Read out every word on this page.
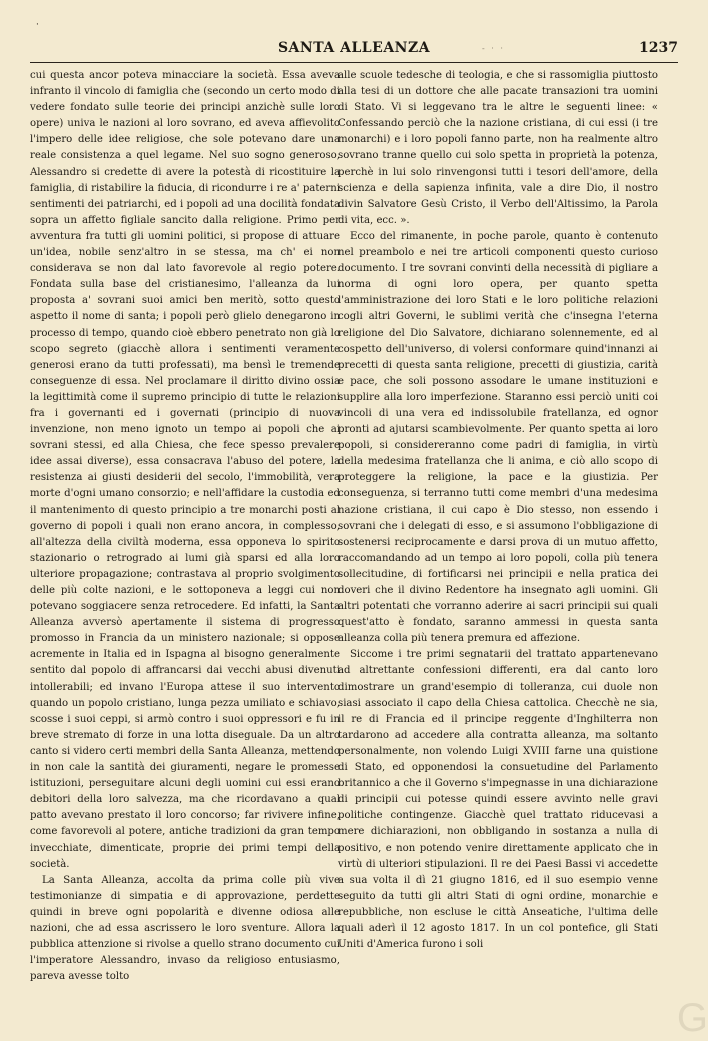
·
SANTA ALLEANZA	- · ·	1237

cui questa ancor poteva minacciare la società. Essa aveva infranto il vincolo di famiglia che (secondo un certo modo di vedere fondato sulle teorie dei principi anzichè sulle loro opere) univa le nazioni al loro sovrano, ed aveva affievolito l'impero delle idee religiose, che sole potevano dare una reale consistenza a quel legame. Nel suo sogno generoso, Alessandro si credette di avere la potestà di ricostituire la famiglia, di ristabilire la fiducia, di ricondurre i re a' paterni sentimenti dei patriarchi, ed i popoli ad una docilità fondata sopra un affetto figliale sancito dalla religione. Primo per avventura fra tutti gli uomini politici, si propose di attuare un'idea, nobile senz'altro in se stessa, ma ch' ei non considerava se non dal lato favorevole al regio potere. Fondata sulla base del cristianesimo, l'alleanza da lui proposta a' sovrani suoi amici ben meritò, sotto questo aspetto il nome di santa; i popoli però glielo denegarono in processo di tempo, quando cioè ebbero penetrato non già lo scopo segreto (giacchè allora i sentimenti veramente generosi erano da tutti professati), ma bensì le tremende conseguenze di essa. Nel proclamare il diritto divino ossia la legittimità come il supremo principio di tutte le relazioni fra i governanti ed i governati (principio di nuova invenzione, non meno ignoto un tempo ai popoli che ai sovrani stessi, ed alla Chiesa, che fece spesso prevalere idee assai diverse), essa consacrava l'abuso del potere, la resistenza ai giusti desiderii del secolo, l'immobilità, vera morte d'ogni umano consorzio; e nell'affidare la custodia ed il mantenimento di questo principio a tre monarchi posti al governo di popoli i quali non erano ancora, in complesso, all'altezza della civiltà moderna, essa opponeva lo spirito stazionario o retrogrado ai lumi già sparsi ed alla loro ulteriore propagazione; contrastava al proprio svolgimento delle più colte nazioni, e le sottoponeva a leggi cui non potevano soggiacere senza retrocedere. Ed infatti, la Santa Alleanza avversò apertamente il sistema di progresso promosso in Francia da un ministero nazionale; si oppose acremente in Italia ed in Ispagna al bisogno generalmente sentito dal popolo di affrancarsi dai vecchi abusi divenuti intollerabili; ed invano l'Europa attese il suo intervento quando un popolo cristiano, lunga pezza umiliato e schiavo, scosse i suoi ceppi, si armò contro i suoi oppressori e fu in breve stremato di forze in una lotta diseguale. Da un altro canto si videro certi membri della Santa Alleanza, mettendo in non cale la santità dei giuramenti, negare le promesse istituzioni, perseguitare alcuni degli uomini cui essi erano debitori della loro salvezza, ma che ricordavano a qual patto avevano prestato il loro concorso; far rivivere infine, come favorevoli al potere, antiche tradizioni da gran tempo invecchiate, dimenticate, proprie dei primi tempi della società.

La Santa Alleanza, accolta da prima colle più vive testimonianze di simpatia e di approvazione, perdette quindi in breve ogni popolarità e divenne odiosa alle nazioni, che ad essa ascrissero le loro sventure. Allora la pubblica attenzione si rivolse a quello strano documento cui l'imperatore Alessandro, invaso da religioso entusiasmo, pareva avesse tolto

alle scuole tedesche di teologia, e che si rassomiglia piuttosto alla tesi di un dottore che alle pacate transazioni tra uomini di Stato. Vi si leggevano tra le altre le seguenti linee: « Confessando perciò che la nazione cristiana, di cui essi (i tre monarchi) e i loro popoli fanno parte, non ha realmente altro sovrano tranne quello cui solo spetta in proprietà la potenza, perchè in lui solo rinvengonsi tutti i tesori dell'amore, della scienza e della sapienza infinita, vale a dire Dio, il nostro divin Salvatore Gesù Cristo, il Verbo dell'Altissimo, la Parola di vita, ecc. ».

Ecco del rimanente, in poche parole, quanto è contenuto nel preambolo e nei tre articoli componenti questo curioso documento. I tre sovrani convinti della necessità di pigliare a norma di ogni loro opera, per quanto spetta l'amministrazione dei loro Stati e le loro politiche relazioni cogli altri Governi, le sublimi verità che c'insegna l'eterna religione del Dio Salvatore, dichiarano solennemente, ed al cospetto dell'universo, di volersi conformare quind'innanzi ai precetti di questa santa religione, precetti di giustizia, carità e pace, che soli possono assodare le umane instituzioni e supplire alla loro imperfezione. Staranno essi perciò uniti coi vincoli di una vera ed indissolubile fratellanza, ed ognor pronti ad ajutarsi scambievolmente. Per quanto spetta ai loro popoli, si considereranno come padri di famiglia, in virtù della medesima fratellanza che li anima, e ciò allo scopo di proteggere la religione, la pace e la giustizia. Per conseguenza, si terranno tutti come membri d'una medesima nazione cristiana, il cui capo è Dio stesso, non essendo i sovrani che i delegati di esso, e si assumono l'obbligazione di sostenersi reciprocamente e darsi prova di un mutuo affetto, raccomandando ad un tempo ai loro popoli, colla più tenera sollecitudine, di fortificarsi nei principii e nella pratica dei doveri che il divino Redentore ha insegnato agli uomini. Gli altri potentati che vorranno aderire ai sacri principii sui quali quest'atto è fondato, saranno ammessi in questa santa alleanza colla più tenera premura ed affezione.

Siccome i tre primi segnatarii del trattato appartenevano ad altrettante confessioni differenti, era dal canto loro dimostrare un grand'esempio di tolleranza, cui duole non siasi associato il capo della Chiesa cattolica. Checchè ne sia, il re di Francia ed il principe reggente d'Inghilterra non tardarono ad accedere alla contratta alleanza, ma soltanto personalmente, non volendo Luigi XVIII farne una quistione di Stato, ed opponendosi la consuetudine del Parlamento britannico a che il Governo s'impegnasse in una dichiarazione di principii cui potesse quindi essere avvinto nelle gravi politiche contingenze. Giacchè quel trattato riducevasi a mere dichiarazioni, non obbligando in sostanza a nulla di positivo, e non potendo venire direttamente applicato che in virtù di ulteriori stipulazioni. Il re dei Paesi Bassi vi accedette a sua volta il dì 21 giugno 1816, ed il suo esempio venne seguito da tutti gli altri Stati di ogni ordine, monarchie e repubbliche, non escluse le città Anseatiche, l'ultima delle quali aderì il 12 agosto 1817. In un col pontefice, gli Stati Uniti d'America furono i soli

G
